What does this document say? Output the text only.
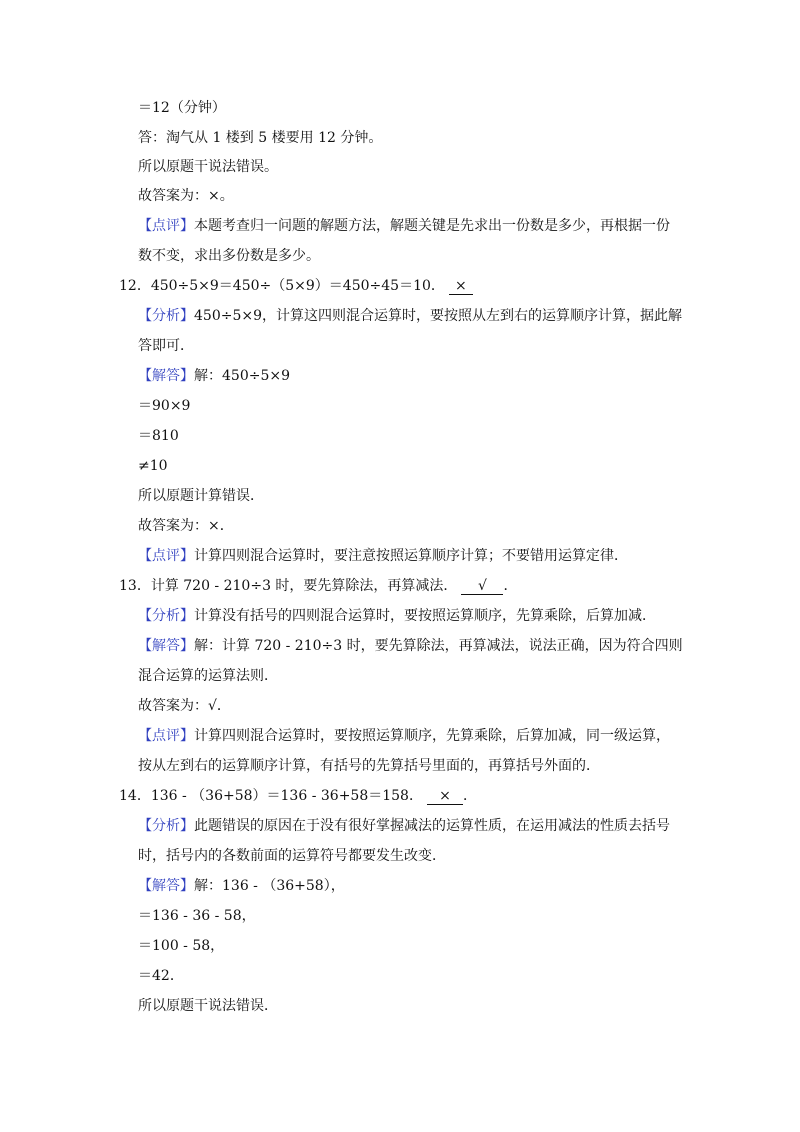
＝12（分钟）
答：淘气从 1 楼到 5 楼要用 12 分钟。
所以原题干说法错误。
故答案为：×。
【点评】本题考查归一问题的解题方法，解题关键是先求出一份数是多少，再根据一份
数不变，求出多份数是多少。
12．450÷5×9＝450÷（5×9）＝450÷45＝10． ×
【分析】450÷5×9，计算这四则混合运算时，要按照从左到右的运算顺序计算，据此解
答即可．
【解答】解：450÷5×9
＝90×9
＝810
≠10
所以原题计算错误．
故答案为：×．
【点评】计算四则混合运算时，要注意按照运算顺序计算；不要错用运算定律．
13．计算 720 - 210÷3 时，要先算除法，再算减法． √ ．
【分析】计算没有括号的四则混合运算时，要按照运算顺序，先算乘除，后算加减．
【解答】解：计算 720 - 210÷3 时，要先算除法，再算减法，说法正确，因为符合四则
混合运算的运算法则．
故答案为：√．
【点评】计算四则混合运算时，要按照运算顺序，先算乘除，后算加减，同一级运算，
按从左到右的运算顺序计算，有括号的先算括号里面的，再算括号外面的．
14．136 - （36+58）＝136 - 36+58＝158． × ．
【分析】此题错误的原因在于没有很好掌握减法的运算性质，在运用减法的性质去括号
时，括号内的各数前面的运算符号都要发生改变．
【解答】解：136 - （36+58），
＝136 - 36 - 58，
＝100 - 58，
＝42．
所以原题干说法错误．
